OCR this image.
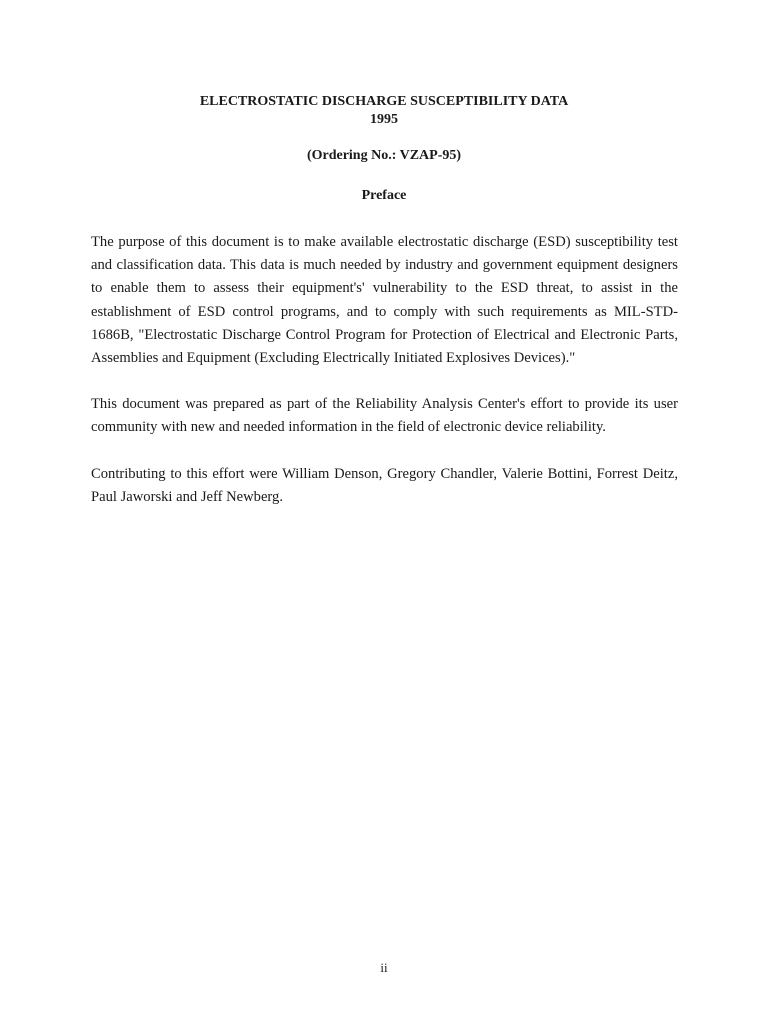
ELECTROSTATIC DISCHARGE SUSCEPTIBILITY DATA
1995
(Ordering No.: VZAP-95)
Preface

The purpose of this document is to make available electrostatic discharge (ESD) susceptibility test and classification data. This data is much needed by industry and government equipment designers to enable them to assess their equipment's' vulnerability to the ESD threat, to assist in the establishment of ESD control programs, and to comply with such requirements as MIL-STD-1686B, "Electrostatic Discharge Control Program for Protection of Electrical and Electronic Parts, Assemblies and Equipment (Excluding Electrically Initiated Explosives Devices)."

This document was prepared as part of the Reliability Analysis Center's effort to provide its user community with new and needed information in the field of electronic device reliability.

Contributing to this effort were William Denson, Gregory Chandler, Valerie Bottini, Forrest Deitz, Paul Jaworski and Jeff Newberg.

ii
